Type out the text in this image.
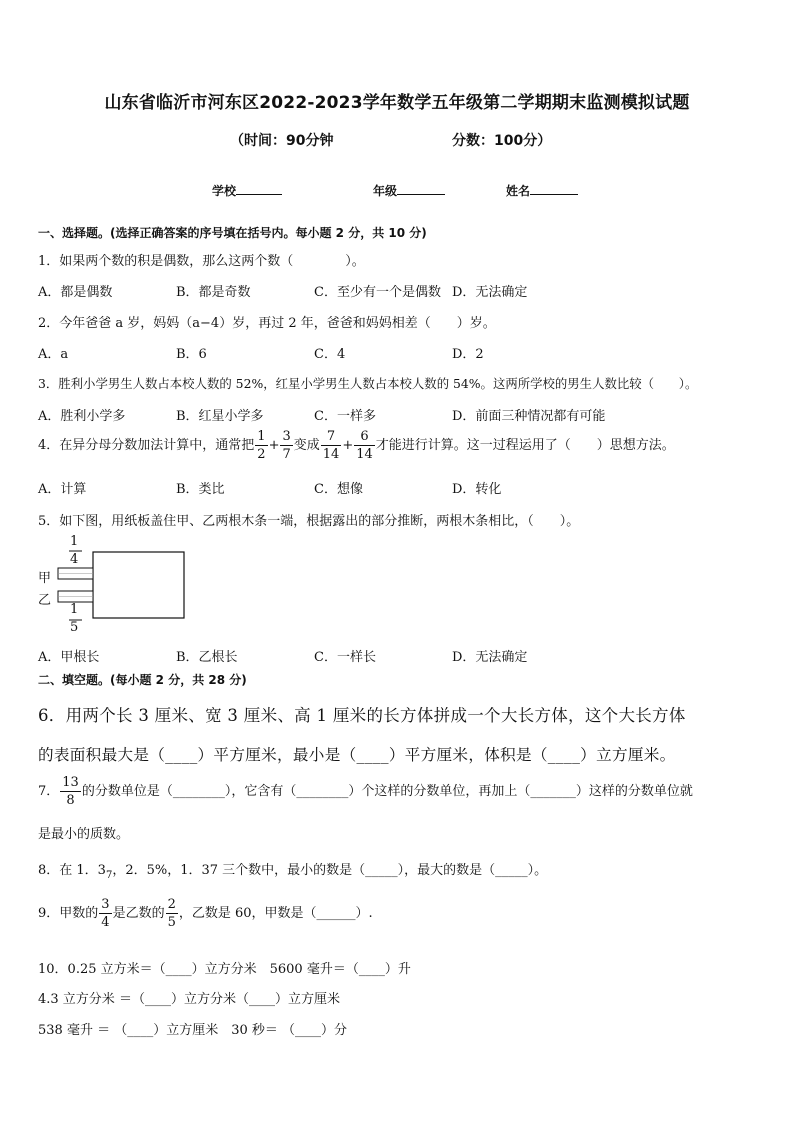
山东省临沂市河东区2022-2023学年数学五年级第二学期期末监测模拟试题
（时间：90分钟	分数：100分）
学校	年级	姓名
一、选择题。(选择正确答案的序号填在括号内。每小题 2 分，共 10 分)
1．如果两个数的积是偶数，那么这两个数（　　　　）。
A．都是偶数	B．都是奇数	C．至少有一个是偶数 D．无法确定
2．今年爸爸 a 岁，妈妈（a−4）岁，再过 2 年，爸爸和妈妈相差（　　）岁。
A．a	B．6	C．4	D．2
3．胜利小学男生人数占本校人数的 52%，红星小学男生人数占本校人数的 54%。这两所学校的男生人数比较（　　）。
A．胜利小学多	B．红星小学多	C．一样多	D．前面三种情况都有可能
4．在异分母分数加法计算中，通常把 $\frac{1}{2} + \frac{3}{7}$ 变成 $\frac{7}{14} + \frac{6}{14}$ 才能进行计算。这一过程运用了（　　）思想方法。
A．计算	B．类比	C．想像	D．转化
5．如下图，用纸板盖住甲、乙两根木条一端，根据露出的部分推断，两根木条相比，（　　）。
1
4
1
5
甲
乙
A．甲根长	B．乙根长	C．一样长	D．无法确定
二、填空题。(每小题 2 分，共 28 分)
6．用两个长 3 厘米、宽 3 厘米、高 1 厘米的长方体拼成一个大长方体，这个大长方体
的表面积最大是（____）平方厘米，最小是（____）平方厘米，体积是（____）立方厘米。
7． $\frac{13}{8}$ 的分数单位是（________），它含有（________）个这样的分数单位，再加上（_______）这样的分数单位就
是最小的质数。
8．在 1．$3_7$，2．5%，1．37 三个数中，最小的数是（_____），最大的数是（_____）。
9．甲数的 $\frac{3}{4}$ 是乙数的 $\frac{2}{5}$ ，乙数是 60，甲数是（______）.
10．0.25 立方米＝（____）立方分米　5600 毫升＝（____）升
4.3 立方分米 ＝（____）立方分米（____）立方厘米
538 毫升 ＝ （____）立方厘米　30 秒＝ （____）分
